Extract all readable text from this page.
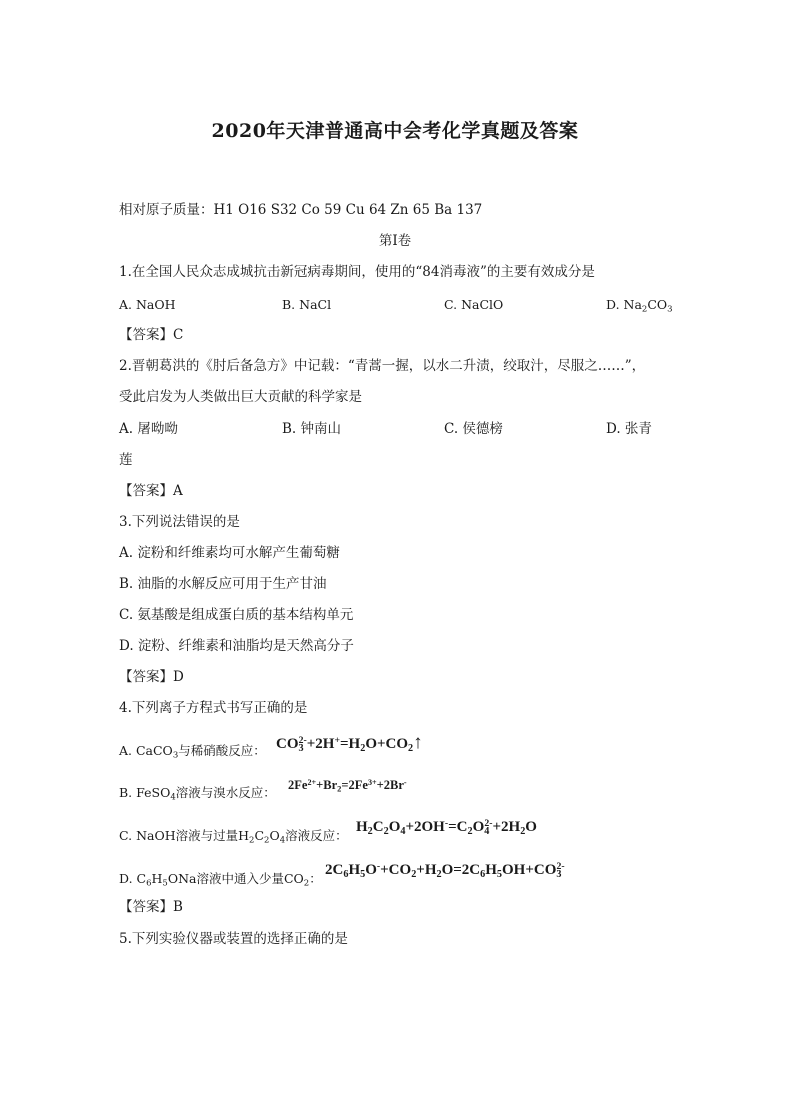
2020年天津普通高中会考化学真题及答案
相对原子质量：H1 O16 S32 Co 59 Cu 64 Zn 65 Ba 137
第Ⅰ卷
1.在全国人民众志成城抗击新冠病毒期间，使用的“84消毒液”的主要有效成分是
A. NaOH	B. NaCl	C. NaClO	D. $Na_2CO_3$
【答案】C
2.晋朝葛洪的《肘后备急方》中记载：“青蒿一握，以水二升渍，绞取汁，尽服之……”，
受此启发为人类做出巨大贡献的科学家是
A. 屠呦呦	B. 钟南山	C. 侯德榜	D. 张青
莲
【答案】A
3.下列说法错误的是
A. 淀粉和纤维素均可水解产生葡萄糖
B. 油脂的水解反应可用于生产甘油
C. 氨基酸是组成蛋白质的基本结构单元
D. 淀粉、纤维素和油脂均是天然高分子
【答案】D
4.下列离子方程式书写正确的是
A. CaCO$_3$与稀硝酸反应： $CO_3^{2-}+2H^+=H_2O+CO_2↑$
B. FeSO$_4$溶液与溴水反应： $2Fe^{2+}+Br_2=2Fe^{3+}+2Br^-$
C. NaOH溶液与过量$H_2C_2O_4$溶液反应：
$H_2C_2O_4+2OH^-=C_2O_4^{2-}+2H_2O$
D. $C_6H_5ONa$溶液中通入少量$CO_2$：
$2C_6H_5O^-+CO_2+H_2O=2C_6H_5OH+CO_3^{2-}$
【答案】B
5.下列实验仪器或装置的选择正确的是
